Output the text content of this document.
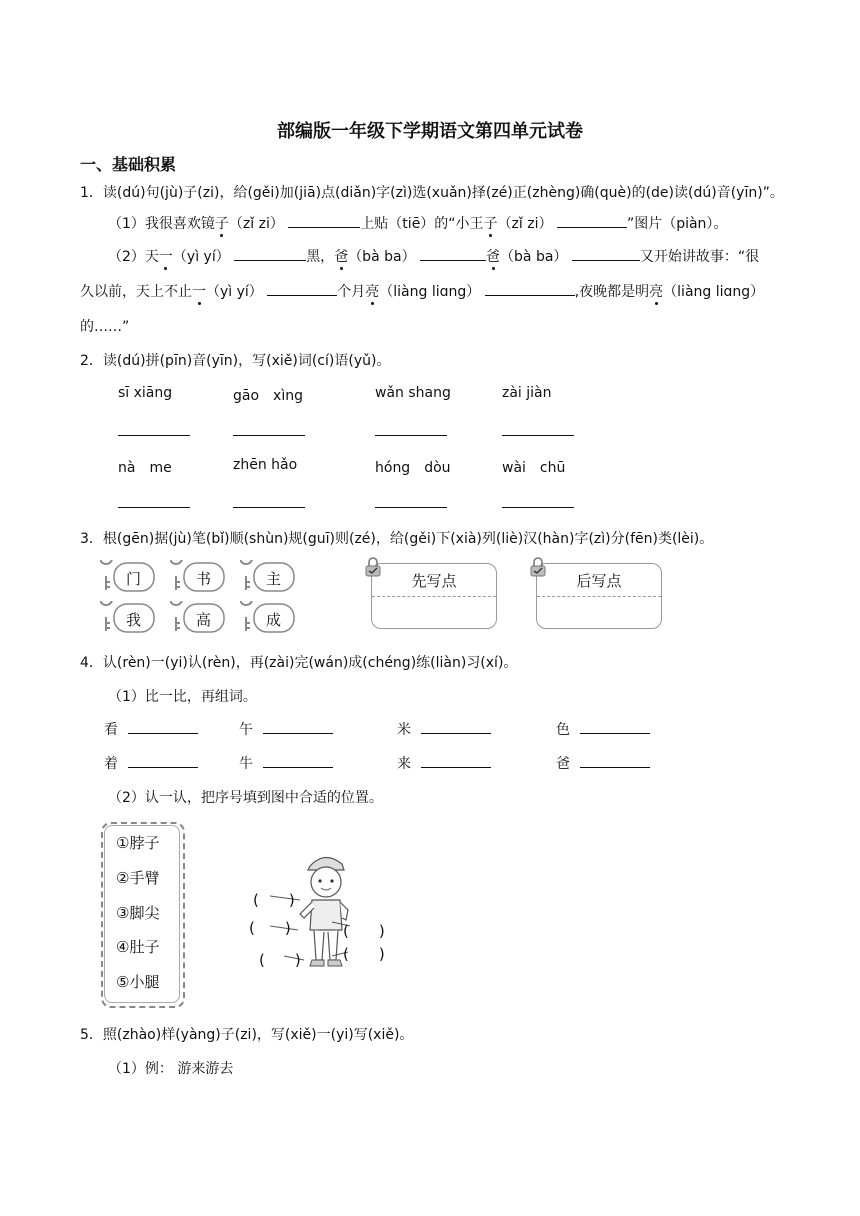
部编版一年级下学期语文第四单元试卷
一、基础积累
1．读(dú)句(jù)子(zi)，给(gěi)加(jiā)点(diǎn)字(zì)选(xuǎn)择(zé)正(zhèng)确(què)的(de)读(dú)音(yīn)”。
（1）我很喜欢镜子（zǐ zi）	上贴（tiē）的“小王子（zǐ zi）	”图片（piàn）。
（2）天一（yì yí）	黑，爸（bà ba）	爸（bà ba）	又开始讲故事：“很
久以前，天上不止一（yì yí）	个月亮（liàng liɑng）	,夜晚都是明亮（liàng liɑng）
的……”
2．读(dú)拼(pīn)音(yīn)，写(xiě)词(cí)语(yǔ)。
sī xiāng	gāo　xìng	wǎn shang	zài jiàn
nà　me	zhēn hǎo	hóng　dòu	wài　chū
3．根(gēn)据(jù)笔(bǐ)顺(shùn)规(guī)则(zé)，给(gěi)下(xià)列(liè)汉(hàn)字(zì)分(fēn)类(lèi)。
门	书	主
我	高	成
先写点	后写点
4．认(rèn)一(yi)认(rèn)，再(zài)完(wán)成(chéng)练(liàn)习(xí)。
（1）比一比，再组词。
看	午	米	色
着	牛	来	爸
（2）认一认，把序号填到图中合适的位置。
①脖子
②手臂
③脚尖
④肚子
⑤小腿
(　　)
(　　)	(　　)
(　　)	(　　)
5．照(zhào)样(yàng)子(zi)，写(xiě)一(yi)写(xiě)。
（1）例： 游来游去
